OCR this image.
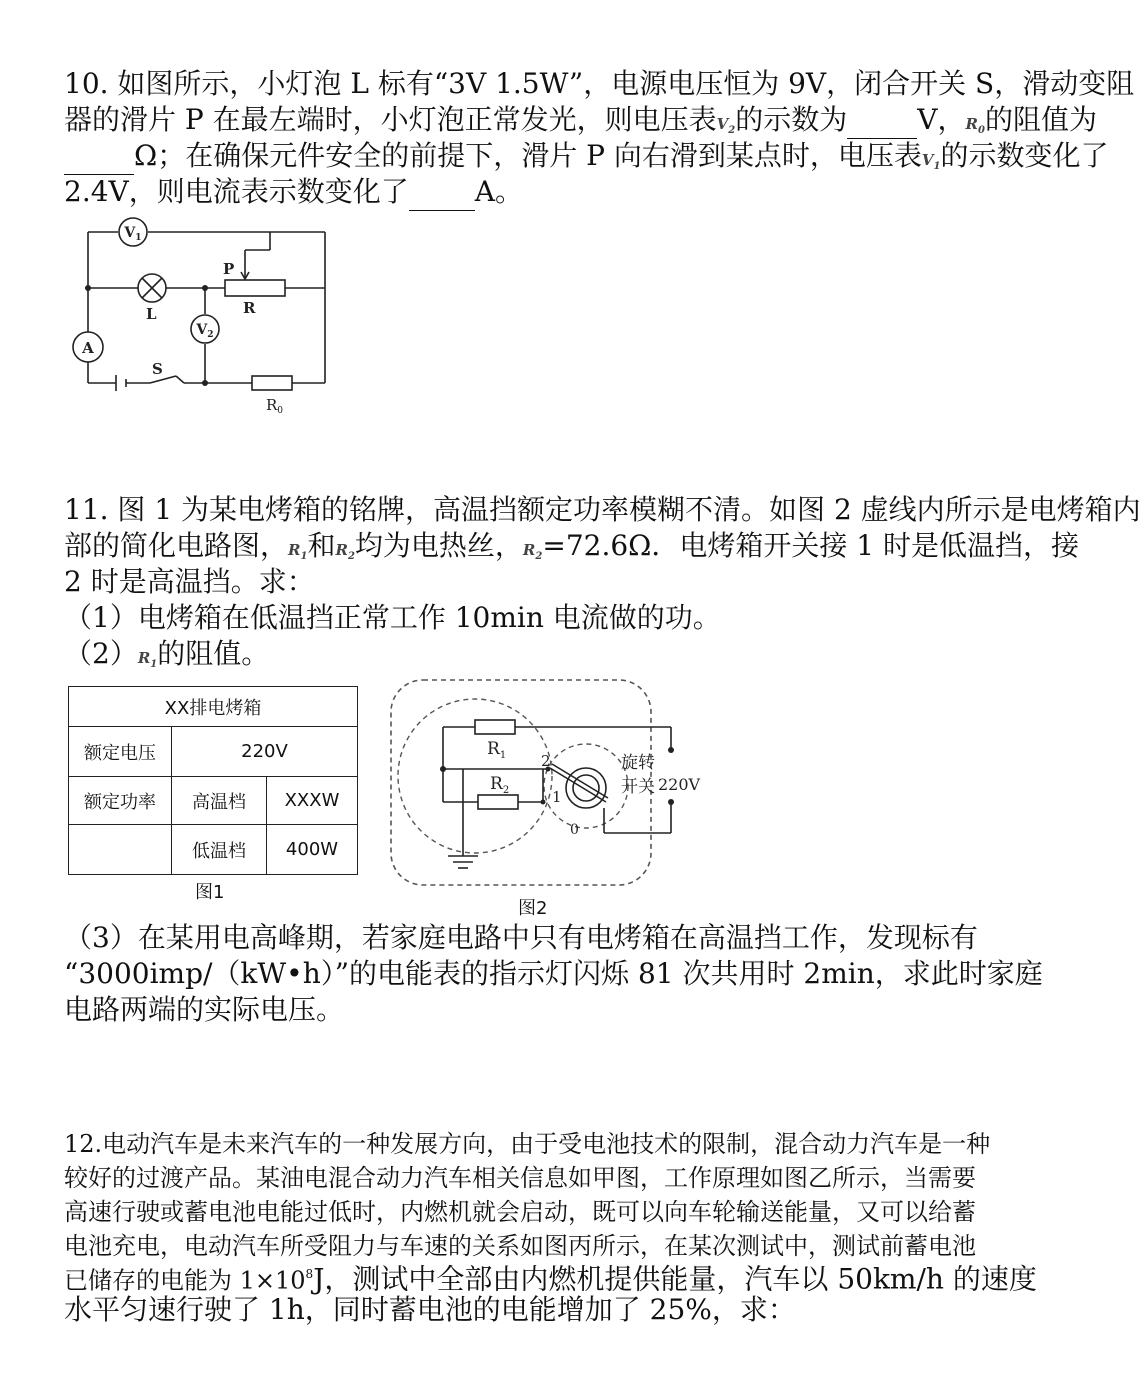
10. 如图所示，小灯泡 L 标有“3V 1.5W”，电源电压恒为 9V，闭合开关 S，滑动变阻

器的滑片 P 在最左端时，小灯泡正常发光，则电压表$V_2$的示数为	V，$R_0$的阻值为

Ω；在确保元件安全的前提下，滑片 P 向右滑到某点时，电压表$V_1$的示数变化了

2.4V，则电流表示数变化了 A。

$V_1$
$V_2$
A
L
P
R
S
$R_0$

11. 图 1 为某电烤箱的铭牌，高温挡额定功率模糊不清。如图 2 虚线内所示是电烤箱内

部的简化电路图，$R_1$和$R_2$均为电热丝，$R_2=72.6\Omega$．电烤箱开关接 1 时是低温挡，接

2 时是高温挡。求：

（1）电烤箱在低温挡正常工作 10min 电流做的功。

$(2)R_1$的阻值。

XX排电烤箱		
额定电压	220V	
额定功率	高温档	XXXW
	低温档	400W
图1
$R_1$
$R_2$
2
1
0
旋转
开关 220V
图2

（3）在某用电高峰期，若家庭电路中只有电烤箱在高温挡工作，发现标有

“3000imp/（kW•h）”的电能表的指示灯闪烁 81 次共用时 2min，求此时家庭

电路两端的实际电压。

12.电动汽车是未来汽车的一种发展方向，由于受电池技术的限制，混合动力汽车是一种

较好的过渡产品。某油电混合动力汽车相关信息如甲图，工作原理如图乙所示，当需要

高速行驶或蓄电池电能过低时，内燃机就会启动，既可以向车轮输送能量，又可以给蓄

电池充电，电动汽车所受阻力与车速的关系如图丙所示，在某次测试中，测试前蓄电池

已储存的电能为 $1\times 10^8J$，测试中全部由内燃机提供能量，汽车以 50km/h 的速度

水平匀速行驶了 1h，同时蓄电池的电能增加了 25%，求：
